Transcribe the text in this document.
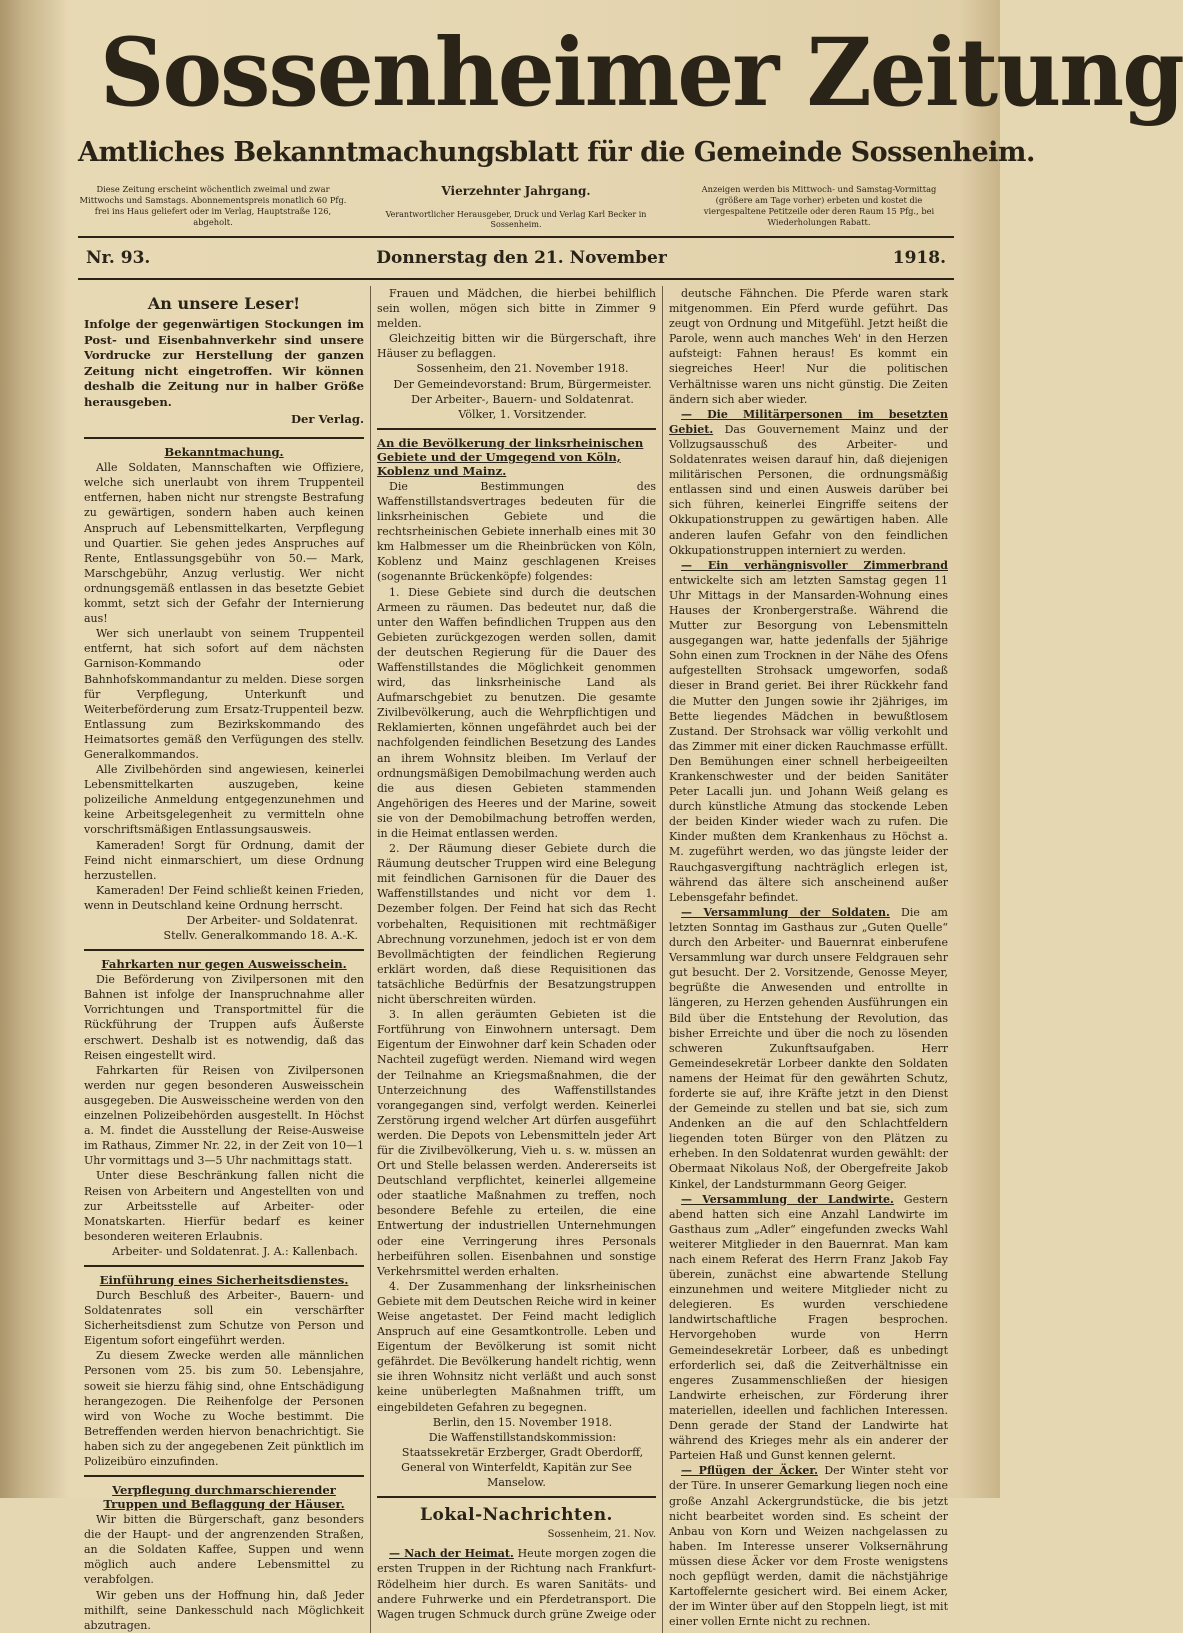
Sossenheimer Zeitung
Amtliches Bekanntmachungsblatt für die Gemeinde Sossenheim.
Diese Zeitung erscheint wöchentlich zweimal und zwar Mittwochs und Samstags. Abonnementspreis monatlich 60 Pfg. frei ins Haus geliefert oder im Verlag, Hauptstraße 126, abgeholt.
Vierzehnter Jahrgang.
Verantwortlicher Herausgeber, Druck und Verlag Karl Becker in Sossenheim.
Anzeigen werden bis Mittwoch- und Samstag-Vormittag (größere am Tage vorher) erbeten und kostet die viergespaltene Petitzeile oder deren Raum 15 Pfg., bei Wiederholungen Rabatt.
Nr. 93.	Donnerstag den 21. November	1918.
An unsere Leser!
Infolge der gegenwärtigen Stockungen im Post- und Eisenbahnverkehr sind unsere Vordrucke zur Herstellung der ganzen Zeitung nicht eingetroffen. Wir können deshalb die Zeitung nur in halber Größe herausgeben.
Der Verlag.
Bekanntmachung.

Alle Soldaten, Mannschaften wie Offiziere, welche sich unerlaubt von ihrem Truppenteil entfernen, haben nicht nur strengste Bestrafung zu gewärtigen, sondern haben auch keinen Anspruch auf Lebensmittelkarten, Verpflegung und Quartier. Sie gehen jedes Anspruches auf Rente, Entlassungsgebühr von 50.— Mark, Marschgebühr, Anzug verlustig. Wer nicht ordnungsgemäß entlassen in das besetzte Gebiet kommt, setzt sich der Gefahr der Internierung aus!

Wer sich unerlaubt von seinem Truppenteil entfernt, hat sich sofort auf dem nächsten Garnison-Kommando oder Bahnhofskommandantur zu melden. Diese sorgen für Verpflegung, Unterkunft und Weiterbeförderung zum Ersatz-Truppenteil bezw. Entlassung zum Bezirkskommando des Heimatsortes gemäß den Verfügungen des stellv. Generalkommandos.

Alle Zivilbehörden sind angewiesen, keinerlei Lebensmittelkarten auszugeben, keine polizeiliche Anmeldung entgegenzunehmen und keine Arbeitsgelegenheit zu vermitteln ohne vorschriftsmäßigen Entlassungsausweis.

Kameraden! Sorgt für Ordnung, damit der Feind nicht einmarschiert, um diese Ordnung herzustellen.

Kameraden! Der Feind schließt keinen Frieden, wenn in Deutschland keine Ordnung herrscht.

Der Arbeiter- und Soldatenrat.

Stellv. Generalkommando 18. A.-K.

Fahrkarten nur gegen Ausweisschein.

Die Beförderung von Zivilpersonen mit den Bahnen ist infolge der Inanspruchnahme aller Vorrichtungen und Transportmittel für die Rückführung der Truppen aufs Äußerste erschwert. Deshalb ist es notwendig, daß das Reisen eingestellt wird.

Fahrkarten für Reisen von Zivilpersonen werden nur gegen besonderen Ausweisschein ausgegeben. Die Ausweisscheine werden von den einzelnen Polizeibehörden ausgestellt. In Höchst a. M. findet die Ausstellung der Reise-Ausweise im Rathaus, Zimmer Nr. 22, in der Zeit von 10—1 Uhr vormittags und 3—5 Uhr nachmittags statt.

Unter diese Beschränkung fallen nicht die Reisen von Arbeitern und Angestellten von und zur Arbeitsstelle auf Arbeiter- oder Monatskarten. Hierfür bedarf es keiner besonderen weiteren Erlaubnis.

Arbeiter- und Soldatenrat. J. A.: Kallenbach.

Einführung eines Sicherheitsdienstes.

Durch Beschluß des Arbeiter-, Bauern- und Soldatenrates soll ein verschärfter Sicherheitsdienst zum Schutze von Person und Eigentum sofort eingeführt werden.

Zu diesem Zwecke werden alle männlichen Personen vom 25. bis zum 50. Lebensjahre, soweit sie hierzu fähig sind, ohne Entschädigung herangezogen. Die Reihenfolge der Personen wird von Woche zu Woche bestimmt. Die Betreffenden werden hiervon benachrichtigt. Sie haben sich zu der angegebenen Zeit pünktlich im Polizeibüro einzufinden.

Verpflegung durchmarschierender Truppen und Beflaggung der Häuser.

Wir bitten die Bürgerschaft, ganz besonders die der Haupt- und der angrenzenden Straßen, an die Soldaten Kaffee, Suppen und wenn möglich auch andere Lebensmittel zu verabfolgen.

Wir geben uns der Hoffnung hin, daß Jeder mithilft, seine Dankesschuld nach Möglichkeit abzutragen.

Frauen und Mädchen, die hierbei behilflich sein wollen, mögen sich bitte in Zimmer 9 melden.

Gleichzeitig bitten wir die Bürgerschaft, ihre Häuser zu beflaggen.

Sossenheim, den 21. November 1918.

Der Gemeindevorstand: Brum, Bürgermeister.

Der Arbeiter-, Bauern- und Soldatenrat.

Völker, 1. Vorsitzender.

An die Bevölkerung der linksrheinischen Gebiete und der Umgegend von Köln, Koblenz und Mainz.

Die Bestimmungen des Waffenstillstandsvertrages bedeuten für die linksrheinischen Gebiete und die rechtsrheinischen Gebiete innerhalb eines mit 30 km Halbmesser um die Rheinbrücken von Köln, Koblenz und Mainz geschlagenen Kreises (sogenannte Brückenköpfe) folgendes:

1. Diese Gebiete sind durch die deutschen Armeen zu räumen. Das bedeutet nur, daß die unter den Waffen befindlichen Truppen aus den Gebieten zurückgezogen werden sollen, damit der deutschen Regierung für die Dauer des Waffenstillstandes die Möglichkeit genommen wird, das linksrheinische Land als Aufmarschgebiet zu benutzen. Die gesamte Zivilbevölkerung, auch die Wehrpflichtigen und Reklamierten, können ungefährdet auch bei der nachfolgenden feindlichen Besetzung des Landes an ihrem Wohnsitz bleiben. Im Verlauf der ordnungsmäßigen Demobilmachung werden auch die aus diesen Gebieten stammenden Angehörigen des Heeres und der Marine, soweit sie von der Demobilmachung betroffen werden, in die Heimat entlassen werden.

2. Der Räumung dieser Gebiete durch die Räumung deutscher Truppen wird eine Belegung mit feindlichen Garnisonen für die Dauer des Waffenstillstandes und nicht vor dem 1. Dezember folgen. Der Feind hat sich das Recht vorbehalten, Requisitionen mit rechtmäßiger Abrechnung vorzunehmen, jedoch ist er von dem Bevollmächtigten der feindlichen Regierung erklärt worden, daß diese Requisitionen das tatsächliche Bedürfnis der Besatzungstruppen nicht überschreiten würden.

3. In allen geräumten Gebieten ist die Fortführung von Einwohnern untersagt. Dem Eigentum der Einwohner darf kein Schaden oder Nachteil zugefügt werden. Niemand wird wegen der Teilnahme an Kriegsmaßnahmen, die der Unterzeichnung des Waffenstillstandes vorangegangen sind, verfolgt werden. Keinerlei Zerstörung irgend welcher Art dürfen ausgeführt werden. Die Depots von Lebensmitteln jeder Art für die Zivilbevölkerung, Vieh u. s. w. müssen an Ort und Stelle belassen werden. Andererseits ist Deutschland verpflichtet, keinerlei allgemeine oder staatliche Maßnahmen zu treffen, noch besondere Befehle zu erteilen, die eine Entwertung der industriellen Unternehmungen oder eine Verringerung ihres Personals herbeiführen sollen. Eisenbahnen und sonstige Verkehrsmittel werden erhalten.

4. Der Zusammenhang der linksrheinischen Gebiete mit dem Deutschen Reiche wird in keiner Weise angetastet. Der Feind macht lediglich Anspruch auf eine Gesamtkontrolle. Leben und Eigentum der Bevölkerung ist somit nicht gefährdet. Die Bevölkerung handelt richtig, wenn sie ihren Wohnsitz nicht verläßt und auch sonst keine unüberlegten Maßnahmen trifft, um eingebildeten Gefahren zu begegnen.

Berlin, den 15. November 1918.

Die Waffenstillstandskommission:

Staatssekretär Erzberger, Gradt Oberdorff, General von Winterfeldt, Kapitän zur See Manselow.

Lokal-Nachrichten.
Sossenheim, 21. Nov.

— Nach der Heimat. Heute morgen zogen die ersten Truppen in der Richtung nach Frankfurt-Rödelheim hier durch. Es waren Sanitäts- und andere Fuhrwerke und ein Pferdetransport. Die Wagen trugen Schmuck durch grüne Zweige oder

deutsche Fähnchen. Die Pferde waren stark mitgenommen. Ein Pferd wurde geführt. Das zeugt von Ordnung und Mitgefühl. Jetzt heißt die Parole, wenn auch manches Weh' in den Herzen aufsteigt: Fahnen heraus! Es kommt ein siegreiches Heer! Nur die politischen Verhältnisse waren uns nicht günstig. Die Zeiten ändern sich aber wieder.

— Die Militärpersonen im besetzten Gebiet. Das Gouvernement Mainz und der Vollzugsausschuß des Arbeiter- und Soldatenrates weisen darauf hin, daß diejenigen militärischen Personen, die ordnungsmäßig entlassen sind und einen Ausweis darüber bei sich führen, keinerlei Eingriffe seitens der Okkupationstruppen zu gewärtigen haben. Alle anderen laufen Gefahr von den feindlichen Okkupationstruppen interniert zu werden.

— Ein verhängnisvoller Zimmerbrand entwickelte sich am letzten Samstag gegen 11 Uhr Mittags in der Mansarden-Wohnung eines Hauses der Kronbergerstraße. Während die Mutter zur Besorgung von Lebensmitteln ausgegangen war, hatte jedenfalls der 5jährige Sohn einen zum Trocknen in der Nähe des Ofens aufgestellten Strohsack umgeworfen, sodaß dieser in Brand geriet. Bei ihrer Rückkehr fand die Mutter den Jungen sowie ihr 2jähriges, im Bette liegendes Mädchen in bewußtlosem Zustand. Der Strohsack war völlig verkohlt und das Zimmer mit einer dicken Rauchmasse erfüllt. Den Bemühungen einer schnell herbeigeeilten Krankenschwester und der beiden Sanitäter Peter Lacalli jun. und Johann Weiß gelang es durch künstliche Atmung das stockende Leben der beiden Kinder wieder wach zu rufen. Die Kinder mußten dem Krankenhaus zu Höchst a. M. zugeführt werden, wo das jüngste leider der Rauchgasvergiftung nachträglich erlegen ist, während das ältere sich anscheinend außer Lebensgefahr befindet.

— Versammlung der Soldaten. Die am letzten Sonntag im Gasthaus zur „Guten Quelle“ durch den Arbeiter- und Bauernrat einberufene Versammlung war durch unsere Feldgrauen sehr gut besucht. Der 2. Vorsitzende, Genosse Meyer, begrüßte die Anwesenden und entrollte in längeren, zu Herzen gehenden Ausführungen ein Bild über die Entstehung der Revolution, das bisher Erreichte und über die noch zu lösenden schweren Zukunftsaufgaben. Herr Gemeindesekretär Lorbeer dankte den Soldaten namens der Heimat für den gewährten Schutz, forderte sie auf, ihre Kräfte jetzt in den Dienst der Gemeinde zu stellen und bat sie, sich zum Andenken an die auf den Schlachtfeldern liegenden toten Bürger von den Plätzen zu erheben. In den Soldatenrat wurden gewählt: der Obermaat Nikolaus Noß, der Obergefreite Jakob Kinkel, der Landsturmmann Georg Geiger.

— Versammlung der Landwirte. Gestern abend hatten sich eine Anzahl Landwirte im Gasthaus zum „Adler“ eingefunden zwecks Wahl weiterer Mitglieder in den Bauernrat. Man kam nach einem Referat des Herrn Franz Jakob Fay überein, zunächst eine abwartende Stellung einzunehmen und weitere Mitglieder nicht zu delegieren. Es wurden verschiedene landwirtschaftliche Fragen besprochen. Hervorgehoben wurde von Herrn Gemeindesekretär Lorbeer, daß es unbedingt erforderlich sei, daß die Zeitverhältnisse ein engeres Zusammenschließen der hiesigen Landwirte erheischen, zur Förderung ihrer materiellen, ideellen und fachlichen Interessen. Denn gerade der Stand der Landwirte hat während des Krieges mehr als ein anderer der Parteien Haß und Gunst kennen gelernt.

— Pflügen der Äcker. Der Winter steht vor der Türe. In unserer Gemarkung liegen noch eine große Anzahl Ackergrundstücke, die bis jetzt nicht bearbeitet worden sind. Es scheint der Anbau von Korn und Weizen nachgelassen zu haben. Im Interesse unserer Volksernährung müssen diese Äcker vor dem Froste wenigstens noch gepflügt werden, damit die nächstjährige Kartoffelernte gesichert wird. Bei einem Acker, der im Winter über auf den Stoppeln liegt, ist mit einer vollen Ernte nicht zu rechnen.
